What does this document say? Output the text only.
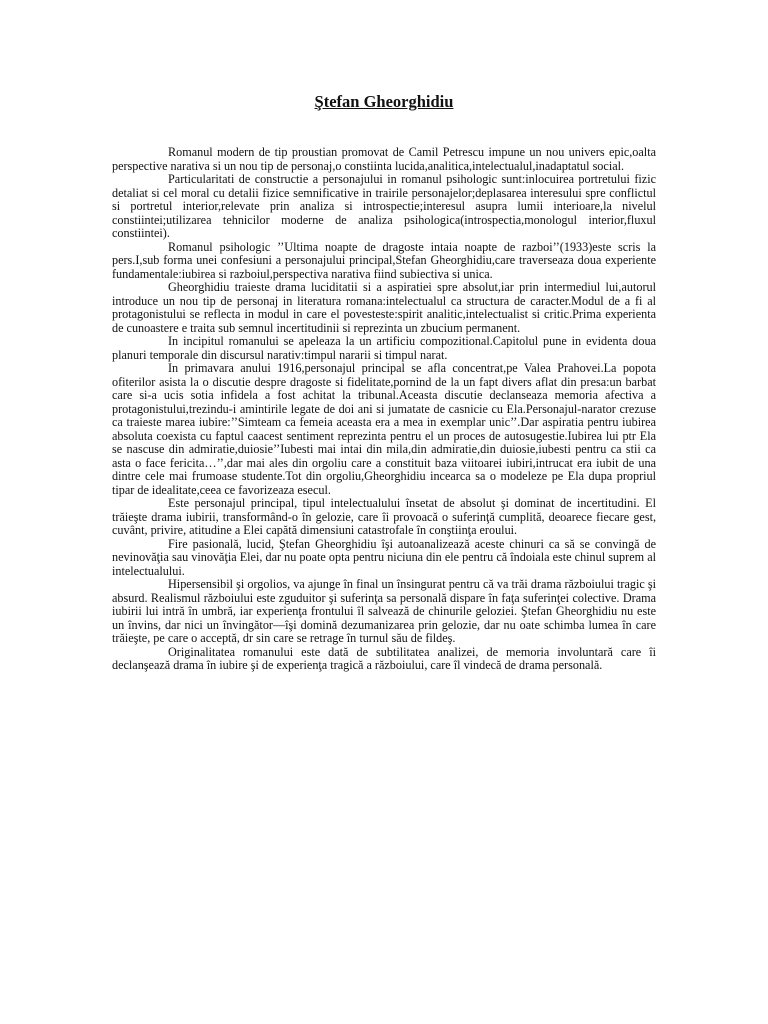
Ştefan Gheorghidiu

Romanul modern de tip proustian promovat de Camil Petrescu impune un nou univers epic,oalta perspective narativa si un nou tip de personaj,o constiinta lucida,analitica,intelectualul,inadaptatul social.

Particularitati de constructie a personajului in romanul psihologic sunt:inlocuirea portretului fizic detaliat si cel moral cu detalii fizice semnificative in trairile personajelor;deplasarea interesului spre conflictul si portretul interior,relevate prin analiza si introspectie;interesul asupra lumii interioare,la nivelul constiintei;utilizarea tehnicilor moderne de analiza psihologica(introspectia,monologul interior,fluxul constiintei).

Romanul psihologic ’’Ultima noapte de dragoste intaia noapte de razboi’’(1933)este scris la pers.I,sub forma unei confesiuni a personajului principal,Stefan Gheorghidiu,care traverseaza doua experiente fundamentale:iubirea si razboiul,perspectiva narativa fiind subiectiva si unica.

Gheorghidiu traieste drama luciditatii si a aspiratiei spre absolut,iar prin intermediul lui,autorul introduce un nou tip de personaj in literatura romana:intelectualul ca structura de caracter.Modul de a fi al protagonistului se reflecta in modul in care el povesteste:spirit analitic,intelectualist si critic.Prima experienta de cunoastere e traita sub semnul incertitudinii si reprezinta un zbucium permanent.

In incipitul romanului se apeleaza la un artificiu compozitional.Capitolul pune in evidenta doua planuri temporale din discursul narativ:timpul nararii si timpul narat.

In primavara anului 1916,personajul principal se afla concentrat,pe Valea Prahovei.La popota ofiterilor asista la o discutie despre dragoste si fidelitate,pornind de la un fapt divers aflat din presa:un barbat care si-a ucis sotia infidela a fost achitat la tribunal.Aceasta discutie declanseaza memoria afectiva a protagonistului,trezindu-i amintirile legate de doi ani si jumatate de casnicie cu Ela.Personajul-narator crezuse ca traieste marea iubire:’’Simteam ca femeia aceasta era a mea in exemplar unic’’.Dar aspiratia pentru iubirea absoluta coexista cu faptul caacest sentiment reprezinta pentru el un proces de autosugestie.Iubirea lui ptr Ela se nascuse din admiratie,duiosie’’Iubesti mai intai din mila,din admiratie,din duiosie,iubesti pentru ca stii ca asta o face fericita…’’,dar mai ales din orgoliu care a constituit baza viitoarei iubiri,intrucat era iubit de una dintre cele mai frumoase studente.Tot din orgoliu,Gheorghidiu incearca sa o modeleze pe Ela dupa propriul tipar de idealitate,ceea ce favorizeaza esecul.

Este personajul principal, tipul intelectualului însetat de absolut şi dominat de incertitudini. El trăieşte drama iubirii, transformând-o în gelozie, care îi provoacă o suferinţă cumplită, deoarece fiecare gest, cuvânt, privire, atitudine a Elei capătă dimensiuni catastrofale în conştiinţa eroului.

Fire pasională, lucid, Ştefan Gheorghidiu îşi autoanalizează aceste chinuri ca să se convingă de nevinovăţia sau vinovăţia Elei, dar nu poate opta pentru niciuna din ele pentru că îndoiala este chinul suprem al intelectualului.

Hipersensibil şi orgolios, va ajunge în final un însingurat pentru că va trăi drama războiului tragic şi absurd. Realismul războiului este zguduitor şi suferinţa sa personală dispare în faţa suferinţei colective. Drama iubirii lui intră în umbră, iar experienţa frontului îl salvează de chinurile geloziei. Ştefan Gheorghidiu nu este un învins, dar nici un învingător—îşi domină dezumanizarea prin gelozie, dar nu oate schimba lumea în care trăieşte, pe care o acceptă, dr sin care se retrage în turnul său de fildeş.

Originalitatea romanului este dată de subtilitatea analizei, de memoria involuntară care îi declanşează drama în iubire şi de experienţa tragică a războiului, care îl vindecă de drama personală.
